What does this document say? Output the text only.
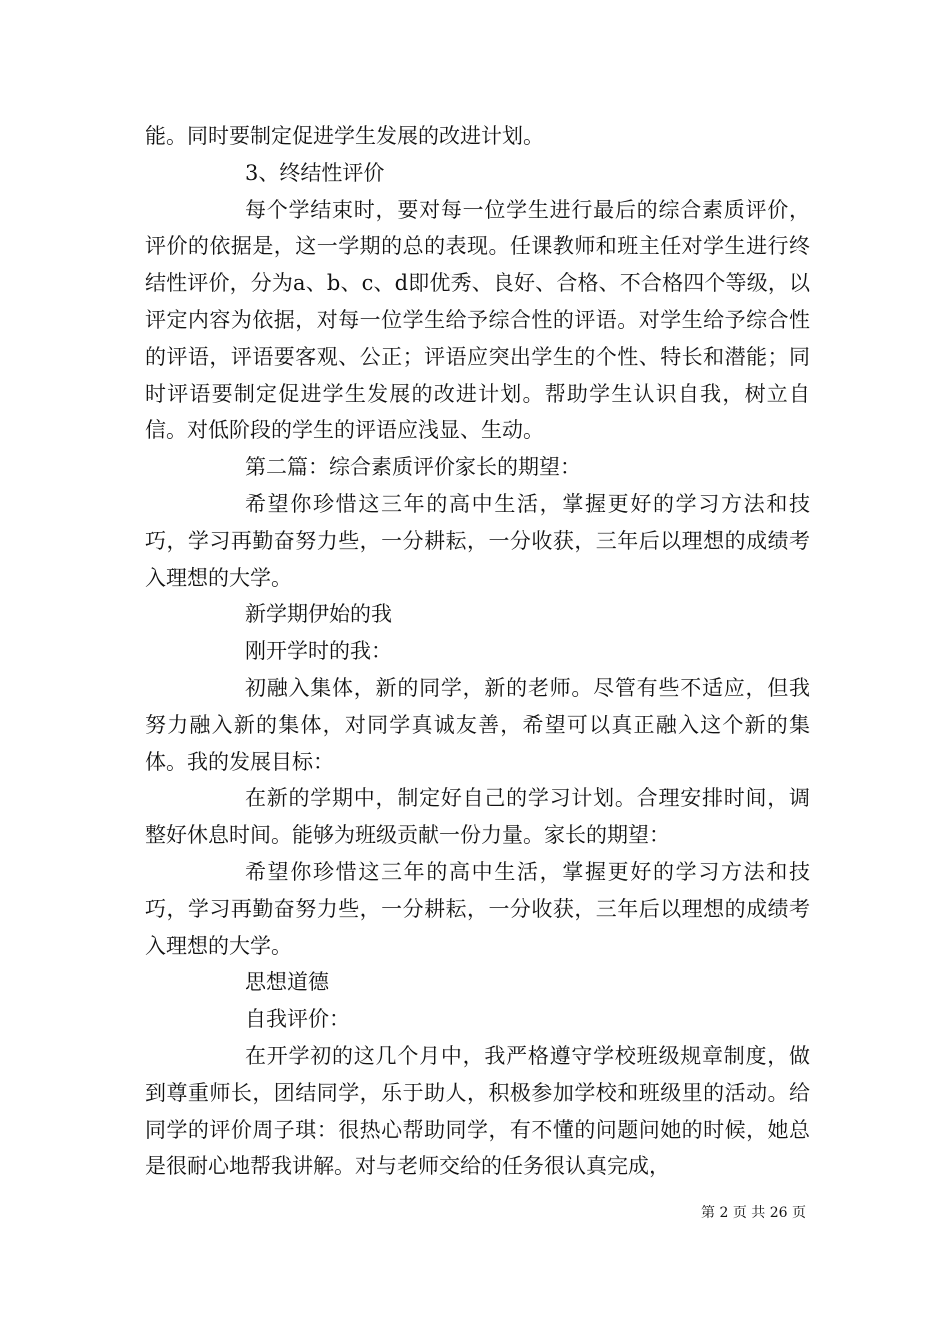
能。同时要制定促进学生发展的改进计划。

3、终结性评价

每个学结束时，要对每一位学生进行最后的综合素质评价，评价的依据是，这一学期的总的表现。任课教师和班主任对学生进行终结性评价，分为a、b、c、d即优秀、良好、合格、不合格四个等级，以评定内容为依据，对每一位学生给予综合性的评语。对学生给予综合性的评语，评语要客观、公正；评语应突出学生的个性、特长和潜能；同时评语要制定促进学生发展的改进计划。帮助学生认识自我，树立自信。对低阶段的学生的评语应浅显、生动。

第二篇：综合素质评价家长的期望：

希望你珍惜这三年的高中生活，掌握更好的学习方法和技巧，学习再勤奋努力些，一分耕耘，一分收获，三年后以理想的成绩考入理想的大学。

新学期伊始的我

刚开学时的我：

初融入集体，新的同学，新的老师。尽管有些不适应，但我努力融入新的集体，对同学真诚友善，希望可以真正融入这个新的集体。我的发展目标：

在新的学期中，制定好自己的学习计划。合理安排时间，调整好休息时间。能够为班级贡献一份力量。家长的期望：

希望你珍惜这三年的高中生活，掌握更好的学习方法和技巧，学习再勤奋努力些，一分耕耘，一分收获，三年后以理想的成绩考入理想的大学。

思想道德

自我评价：

在开学初的这几个月中，我严格遵守学校班级规章制度，做到尊重师长，团结同学，乐于助人，积极参加学校和班级里的活动。给同学的评价周子琪：很热心帮助同学，有不懂的问题问她的时候，她总是很耐心地帮我讲解。对与老师交给的任务很认真完成，

第 2 页 共 26 页
